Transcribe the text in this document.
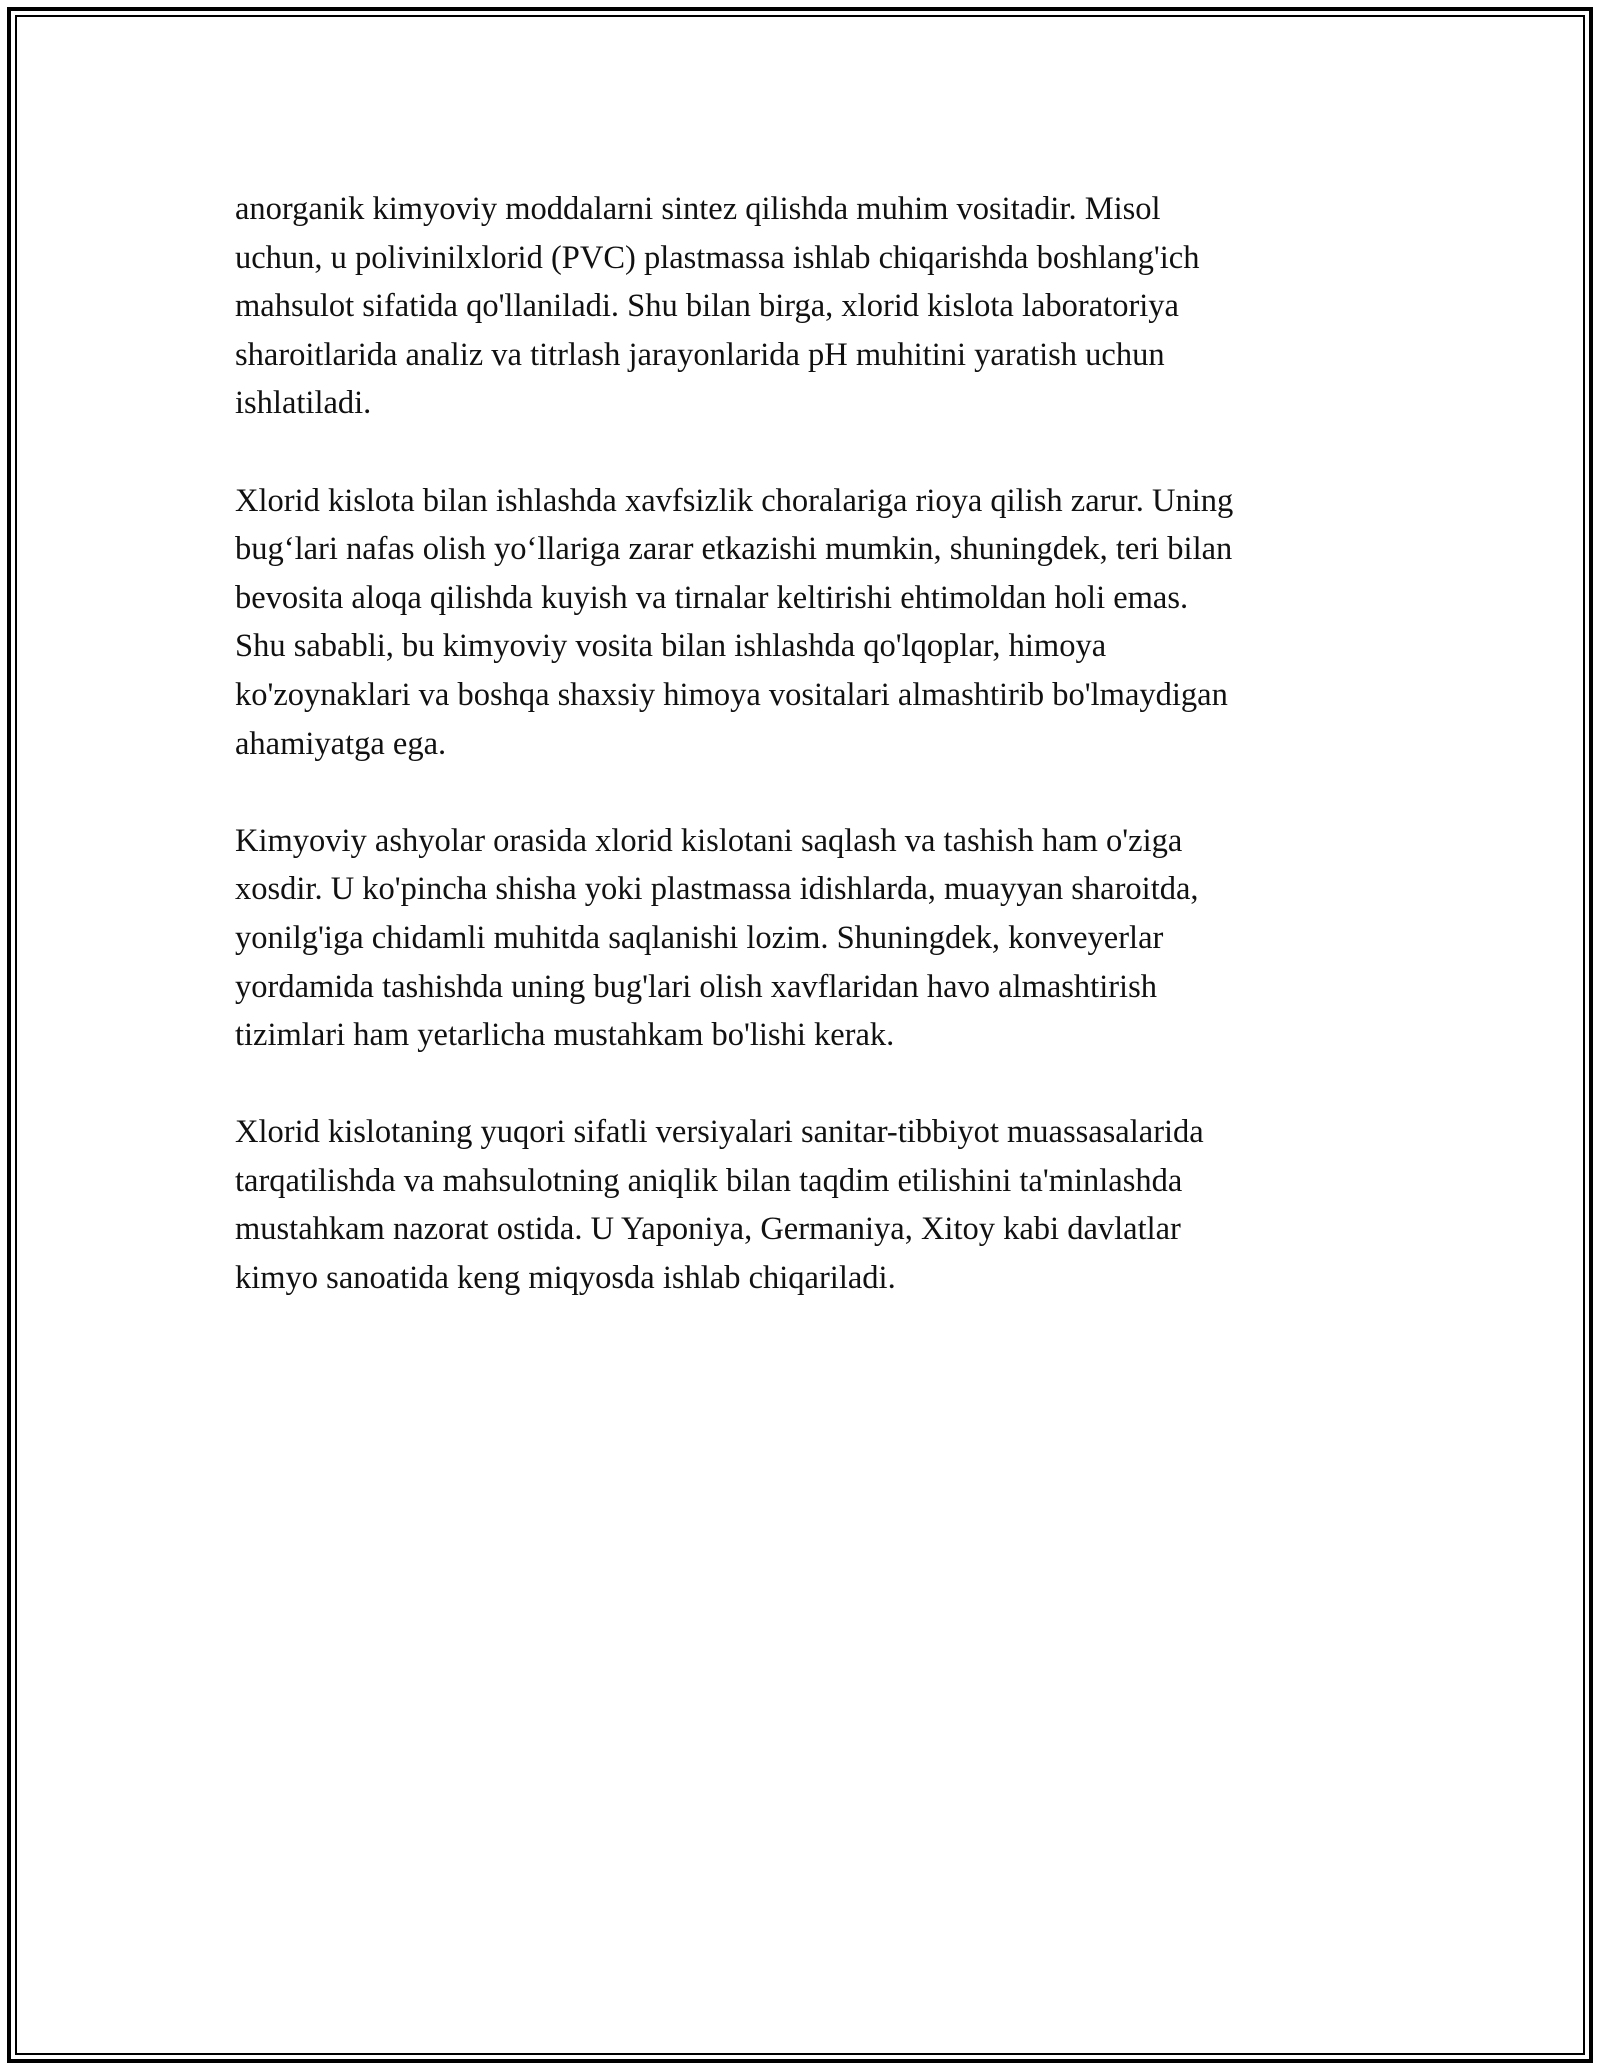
anorganik kimyoviy moddalarni sintez qilishda muhim vositadir. Misol
uchun, u polivinilxlorid (PVC) plastmassa ishlab chiqarishda boshlang'ich
mahsulot sifatida qo'llaniladi. Shu bilan birga, xlorid kislota laboratoriya
sharoitlarida analiz va titrlash jarayonlarida pH muhitini yaratish uchun
ishlatiladi.

Xlorid kislota bilan ishlashda xavfsizlik choralariga rioya qilish zarur. Uning
bug‘lari nafas olish yo‘llariga zarar etkazishi mumkin, shuningdek, teri bilan
bevosita aloqa qilishda kuyish va tirnalar keltirishi ehtimoldan holi emas.
Shu sababli, bu kimyoviy vosita bilan ishlashda qo'lqoplar, himoya
ko'zoynaklari va boshqa shaxsiy himoya vositalari almashtirib bo'lmaydigan
ahamiyatga ega.

Kimyoviy ashyolar orasida xlorid kislotani saqlash va tashish ham o'ziga
xosdir. U ko'pincha shisha yoki plastmassa idishlarda, muayyan sharoitda,
yonilg'iga chidamli muhitda saqlanishi lozim. Shuningdek, konveyerlar
yordamida tashishda uning bug'lari olish xavflaridan havo almashtirish
tizimlari ham yetarlicha mustahkam bo'lishi kerak.

Xlorid kislotaning yuqori sifatli versiyalari sanitar-tibbiyot muassasalarida
tarqatilishda va mahsulotning aniqlik bilan taqdim etilishini ta'minlashda
mustahkam nazorat ostida. U Yaponiya, Germaniya, Xitoy kabi davlatlar
kimyo sanoatida keng miqyosda ishlab chiqariladi.
